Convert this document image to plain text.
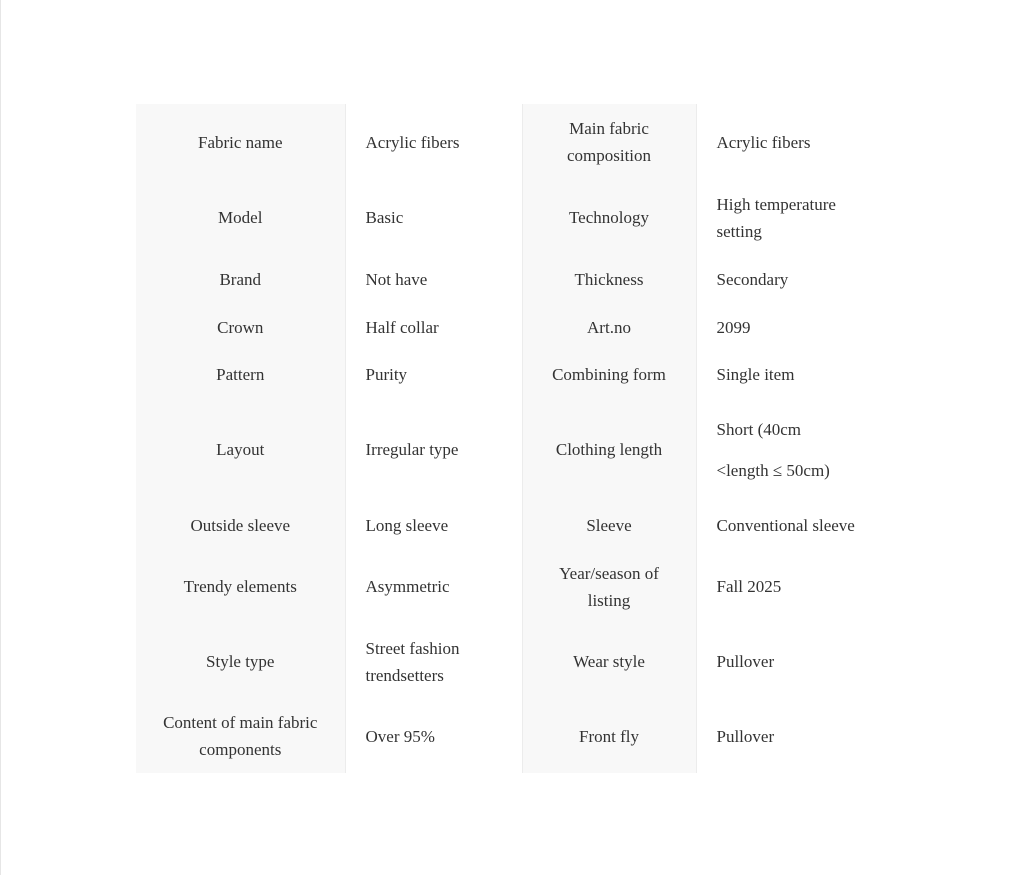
Fabric name	Acrylic fibers	Main fabric composition	Acrylic fibers

Model	Basic	Technology	High temperature setting

Brand	Not have	Thickness	Secondary

Crown	Half collar	Art.no	2099

Pattern	Purity	Combining form	Single item

Layout	Irregular type	Clothing length	Short (40cm <length ≤ 50cm)

Outside sleeve	Long sleeve	Sleeve	Conventional sleeve

Trendy elements	Asymmetric	Year/season of listing	Fall 2025

Style type	Street fashion trendsetters	Wear style	Pullover

Content of main fabric components	Over 95%	Front fly	Pullover
